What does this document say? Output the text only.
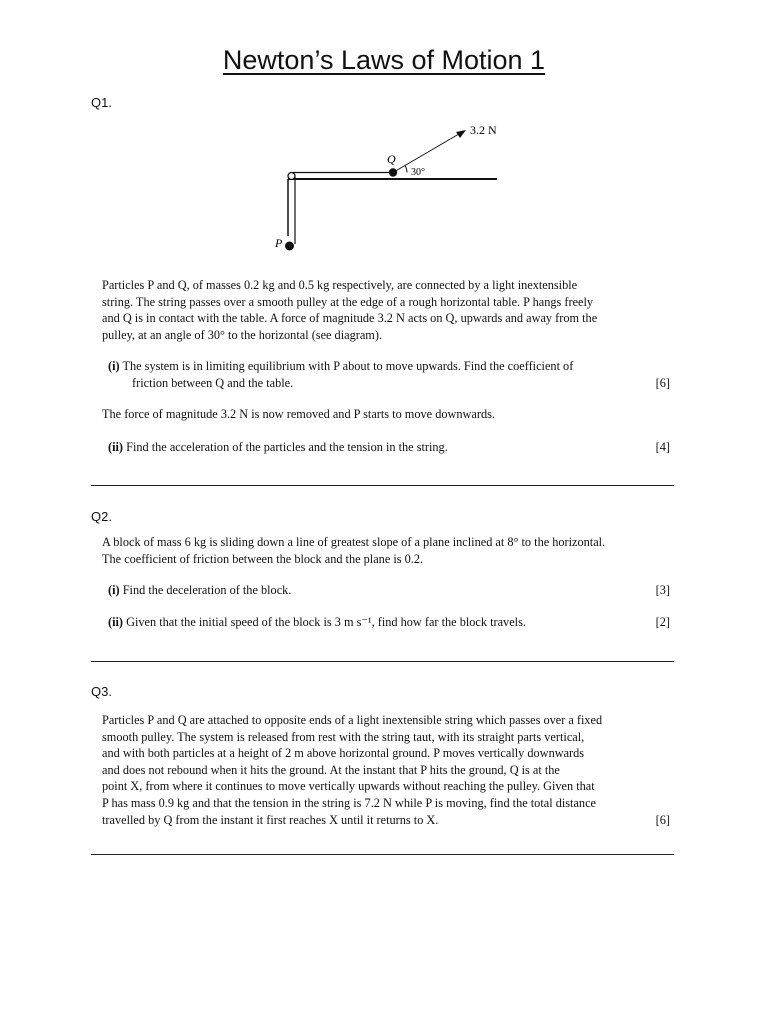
Newton’s Laws of Motion 1
Q1.
3.2 N
30°
Q
P
Particles P and Q, of masses 0.2 kg and 0.5 kg respectively, are connected by a light inextensible
string. The string passes over a smooth pulley at the edge of a rough horizontal table. P hangs freely
and Q is in contact with the table. A force of magnitude 3.2 N acts on Q, upwards and away from the
pulley, at an angle of 30° to the horizontal (see diagram).
(i) The system is in limiting equilibrium with P about to move upwards. Find the coefficient of
friction between Q and the table.	[6]
The force of magnitude 3.2 N is now removed and P starts to move downwards.
(ii) Find the acceleration of the particles and the tension in the string.	[4]
Q2.
A block of mass 6 kg is sliding down a line of greatest slope of a plane inclined at 8° to the horizontal.
The coefficient of friction between the block and the plane is 0.2.
(i) Find the deceleration of the block.	[3]
(ii) Given that the initial speed of the block is 3 m s⁻¹, find how far the block travels.	[2]
Q3.
Particles P and Q are attached to opposite ends of a light inextensible string which passes over a fixed
smooth pulley. The system is released from rest with the string taut, with its straight parts vertical,
and with both particles at a height of 2 m above horizontal ground. P moves vertically downwards
and does not rebound when it hits the ground. At the instant that P hits the ground, Q is at the
point X, from where it continues to move vertically upwards without reaching the pulley. Given that
P has mass 0.9 kg and that the tension in the string is 7.2 N while P is moving, find the total distance
travelled by Q from the instant it first reaches X until it returns to X.	[6]
